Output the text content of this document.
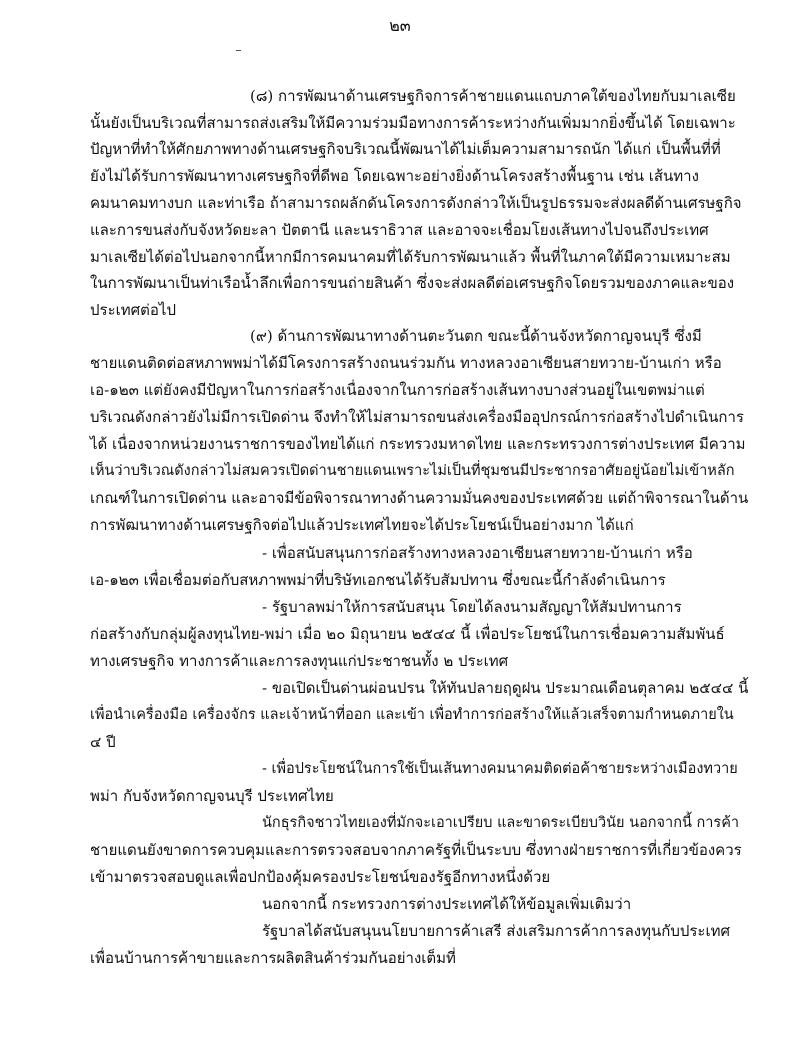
๒๓
(๘) การพัฒนาด้านเศรษฐกิจการค้าชายแดนแถบภาคใต้ของไทยกับมาเลเซีย
นั้นยังเป็นบริเวณที่สามารถส่งเสริมให้มีความร่วมมือทางการค้าระหว่างกันเพิ่มมากยิ่งขึ้นได้ โดยเฉพาะ
ปัญหาที่ทำให้ศักยภาพทางด้านเศรษฐกิจบริเวณนี้พัฒนาได้ไม่เต็มความสามารถนัก ได้แก่ เป็นพื้นที่ที่
ยังไม่ได้รับการพัฒนาทางเศรษฐกิจที่ดีพอ โดยเฉพาะอย่างยิ่งด้านโครงสร้างพื้นฐาน เช่น เส้นทาง
คมนาคมทางบก และท่าเรือ ถ้าสามารถผลักดันโครงการดังกล่าวให้เป็นรูปธรรมจะส่งผลดีด้านเศรษฐกิจ
และการขนส่งกับจังหวัดยะลา ปัตตานี และนราธิวาส และอาจจะเชื่อมโยงเส้นทางไปจนถึงประเทศ
มาเลเซียได้ต่อไปนอกจากนี้หากมีการคมนาคมที่ได้รับการพัฒนาแล้ว พื้นที่ในภาคใต้มีความเหมาะสม
ในการพัฒนาเป็นท่าเรือน้ำลึกเพื่อการขนถ่ายสินค้า ซึ่งจะส่งผลดีต่อเศรษฐกิจโดยรวมของภาคและของ
ประเทศต่อไป
(๙) ด้านการพัฒนาทางด้านตะวันตก ขณะนี้ด้านจังหวัดกาญจนบุรี ซึ่งมี
ชายแดนติดต่อสหภาพพม่าได้มีโครงการสร้างถนนร่วมกัน ทางหลวงอาเซียนสายทวาย-บ้านเก่า หรือ
เอ-๑๒๓ แต่ยังคงมีปัญหาในการก่อสร้างเนื่องจากในการก่อสร้างเส้นทางบางส่วนอยู่ในเขตพม่าแต่
บริเวณดังกล่าวยังไม่มีการเปิดด่าน จึงทำให้ไม่สามารถขนส่งเครื่องมืออุปกรณ์การก่อสร้างไปดำเนินการ
ได้ เนื่องจากหน่วยงานราชการของไทยได้แก่ กระทรวงมหาดไทย และกระทรวงการต่างประเทศ มีความ
เห็นว่าบริเวณดังกล่าวไม่สมควรเปิดด่านชายแดนเพราะไม่เป็นที่ชุมชนมีประชากรอาศัยอยู่น้อยไม่เข้าหลัก
เกณฑ์ในการเปิดด่าน และอาจมีข้อพิจารณาทางด้านความมั่นคงของประเทศด้วย แต่ถ้าพิจารณาในด้าน
การพัฒนาทางด้านเศรษฐกิจต่อไปแล้วประเทศไทยจะได้ประโยชน์เป็นอย่างมาก ได้แก่
- เพื่อสนับสนุนการก่อสร้างทางหลวงอาเซียนสายทวาย-บ้านเก่า หรือ
เอ-๑๒๓ เพื่อเชื่อมต่อกับสหภาพพม่าที่บริษัทเอกชนได้รับสัมปทาน ซึ่งขณะนี้กำลังดำเนินการ
- รัฐบาลพม่าให้การสนับสนุน โดยได้ลงนามสัญญาให้สัมปทานการ
ก่อสร้างกับกลุ่มผู้ลงทุนไทย-พม่า เมื่อ ๒๐ มิถุนายน ๒๕๔๔ นี้ เพื่อประโยชน์ในการเชื่อมความสัมพันธ์
ทางเศรษฐกิจ ทางการค้าและการลงทุนแก่ประชาชนทั้ง ๒ ประเทศ
- ขอเปิดเป็นด่านผ่อนปรน ให้ทันปลายฤดูฝน ประมาณเดือนตุลาคม ๒๕๔๔ นี้
เพื่อนำเครื่องมือ เครื่องจักร และเจ้าหน้าที่ออก และเข้า เพื่อทำการก่อสร้างให้แล้วเสร็จตามกำหนดภายใน
๔ ปี
- เพื่อประโยชน์ในการใช้เป็นเส้นทางคมนาคมติดต่อค้าชายระหว่างเมืองทวาย
พม่า กับจังหวัดกาญจนบุรี ประเทศไทย
นักธุรกิจชาวไทยเองที่มักจะเอาเปรียบ และขาดระเบียบวินัย นอกจากนี้ การค้า
ชายแดนยังขาดการควบคุมและการตรวจสอบจากภาครัฐที่เป็นระบบ ซึ่งทางฝ่ายราชการที่เกี่ยวข้องควร
เข้ามาตรวจสอบดูแลเพื่อปกป้องคุ้มครองประโยชน์ของรัฐอีกทางหนึ่งด้วย
นอกจากนี้ กระทรวงการต่างประเทศได้ให้ข้อมูลเพิ่มเติมว่า
รัฐบาลได้สนับสนุนนโยบายการค้าเสรี ส่งเสริมการค้าการลงทุนกับประเทศ
เพื่อนบ้านการค้าขายและการผลิตสินค้าร่วมกันอย่างเต็มที่
